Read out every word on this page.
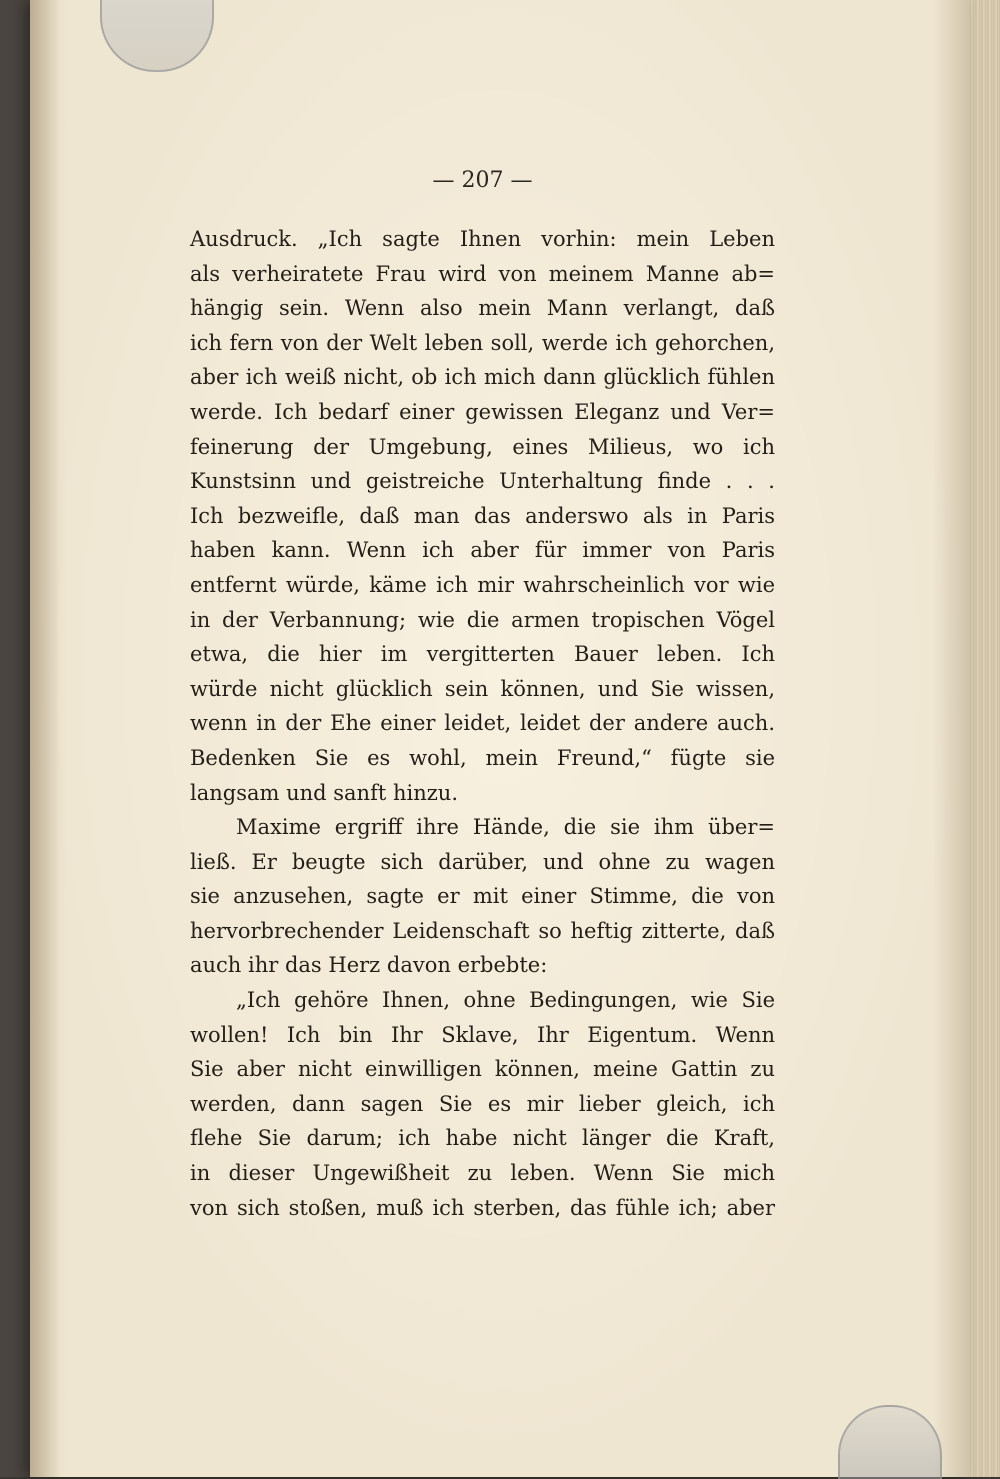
— 207 —
Ausdruck. „Ich sagte Ihnen vorhin: mein Leben
als verheiratete Frau wird von meinem Manne ab=
hängig sein. Wenn also mein Mann verlangt, daß
ich fern von der Welt leben soll, werde ich gehorchen,
aber ich weiß nicht, ob ich mich dann glücklich fühlen
werde. Ich bedarf einer gewissen Eleganz und Ver=
feinerung der Umgebung, eines Milieus, wo ich
Kunstsinn und geistreiche Unterhaltung finde . . .
Ich bezweifle, daß man das anderswo als in Paris
haben kann. Wenn ich aber für immer von Paris
entfernt würde, käme ich mir wahrscheinlich vor wie
in der Verbannung; wie die armen tropischen Vögel
etwa, die hier im vergitterten Bauer leben. Ich
würde nicht glücklich sein können, und Sie wissen,
wenn in der Ehe einer leidet, leidet der andere auch.
Bedenken Sie es wohl, mein Freund,“ fügte sie
langsam und sanft hinzu.
Maxime ergriff ihre Hände, die sie ihm über=
ließ. Er beugte sich darüber, und ohne zu wagen
sie anzusehen, sagte er mit einer Stimme, die von
hervorbrechender Leidenschaft so heftig zitterte, daß
auch ihr das Herz davon erbebte:
„Ich gehöre Ihnen, ohne Bedingungen, wie Sie
wollen! Ich bin Ihr Sklave, Ihr Eigentum. Wenn
Sie aber nicht einwilligen können, meine Gattin zu
werden, dann sagen Sie es mir lieber gleich, ich
flehe Sie darum; ich habe nicht länger die Kraft,
in dieser Ungewißheit zu leben. Wenn Sie mich
von sich stoßen, muß ich sterben, das fühle ich; aber
